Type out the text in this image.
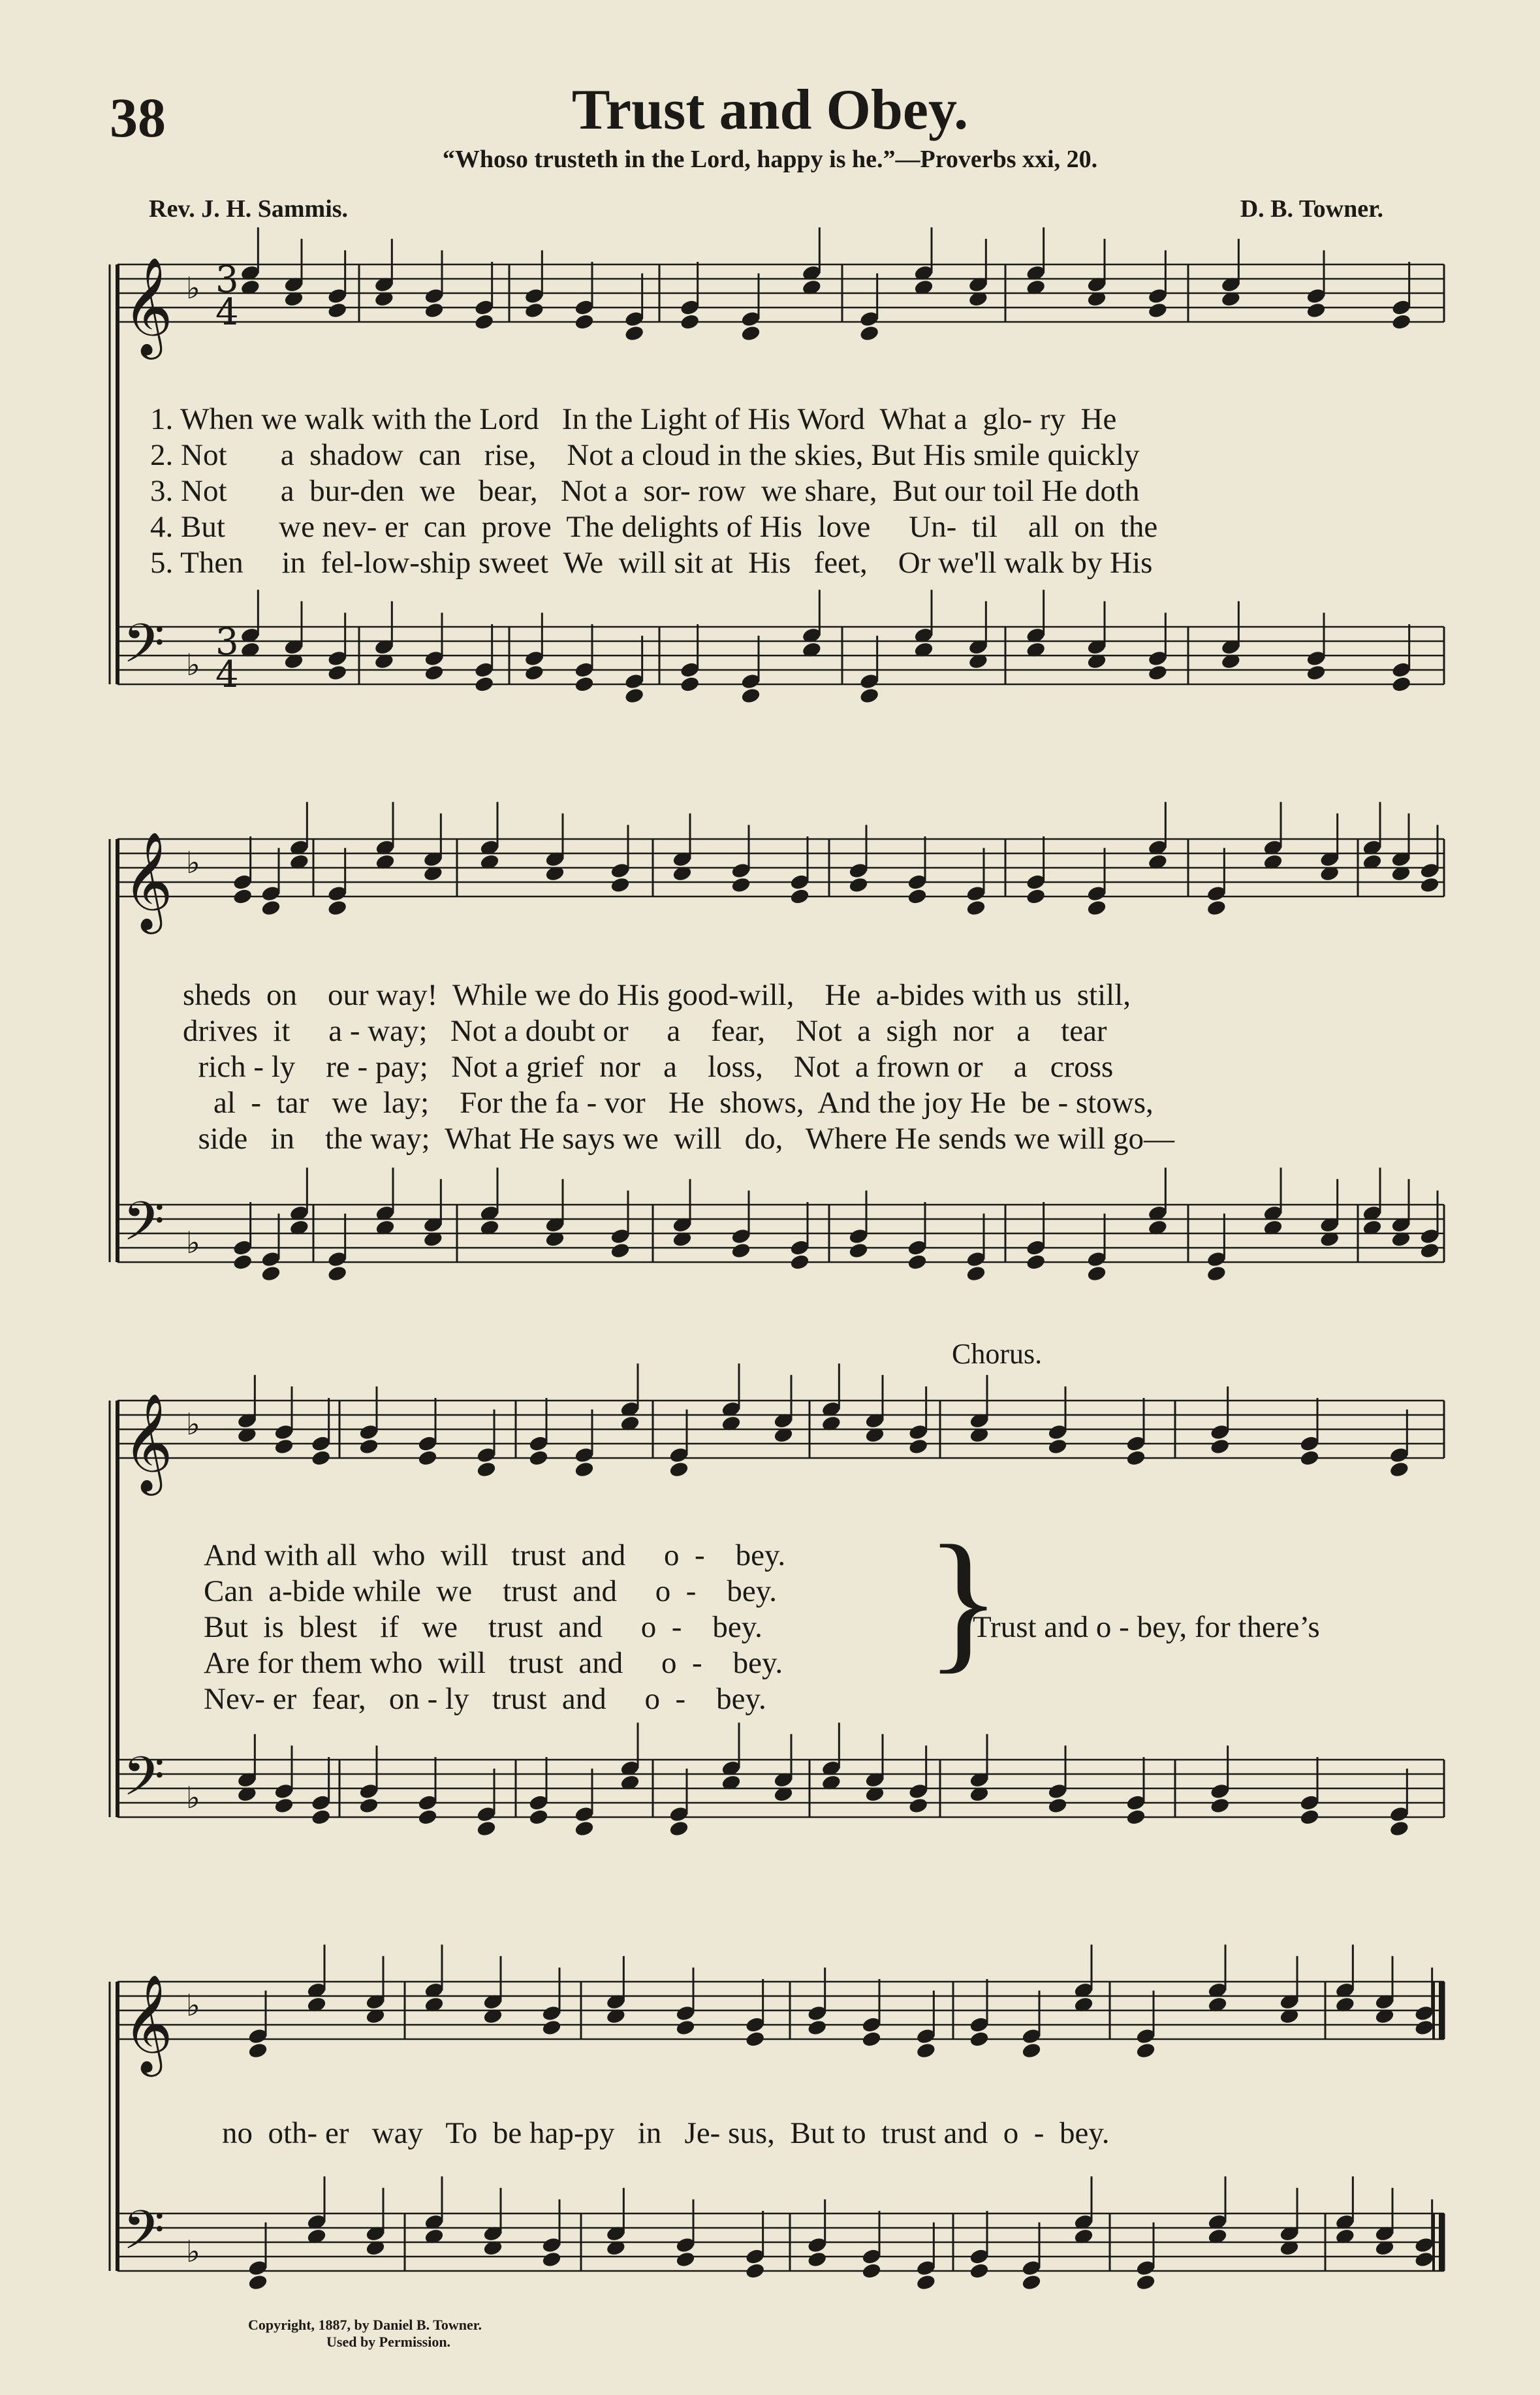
38	Trust and Obey.
“Whoso trusteth in the Lord, happy is he.”—Proverbs xxi, 20.
Rev. J. H. Sammis.	D. B. Towner.
𝄞 ♭ 3
4
𝄢 ♭
3
4
𝄞 ♭
𝄢 ♭
𝄞 ♭
𝄢 ♭
𝄞 ♭
𝄢 ♭
1. When we walk with the Lord   In the Light of His Word  What a  glo- ry  He
2. Not       a  shadow  can   rise,    Not a cloud in the skies, But His smile quickly
3. Not       a  bur-den  we   bear,   Not a  sor- row  we share,  But our toil He doth
4. But       we nev- er  can  prove  The delights of His  love     Un-  til    all  on  the
5. Then     in  fel-low-ship sweet  We  will sit at  His   feet,    Or we'll walk by His
sheds  on    our way!  While we do His good-will,    He  a-bides with us  still,
drives  it     a - way;   Not a doubt or     a    fear,    Not  a  sigh  nor   a    tear
rich - ly    re - pay;   Not a grief  nor   a    loss,    Not  a frown or    a   cross
al  -  tar   we  lay;    For the fa - vor   He  shows,  And the joy He  be - stows,
side   in    the way;  What He says we  will   do,   Where He sends we will go—
Chorus.
And with all  who  will   trust  and     o  -    bey.
Can  a-bide while  we    trust  and     o  -    bey.
But  is  blest   if   we    trust  and     o  -    bey.
Are for them who  will   trust  and     o  -    bey.
Nev- er  fear,   on - ly   trust  and     o  -    bey.
}
Trust and o - bey, for there’s
no  oth- er   way   To  be hap-py   in   Je- sus,  But to  trust and  o  -  bey.
Copyright, 1887, by Daniel B. Towner.
Used by Permission.
